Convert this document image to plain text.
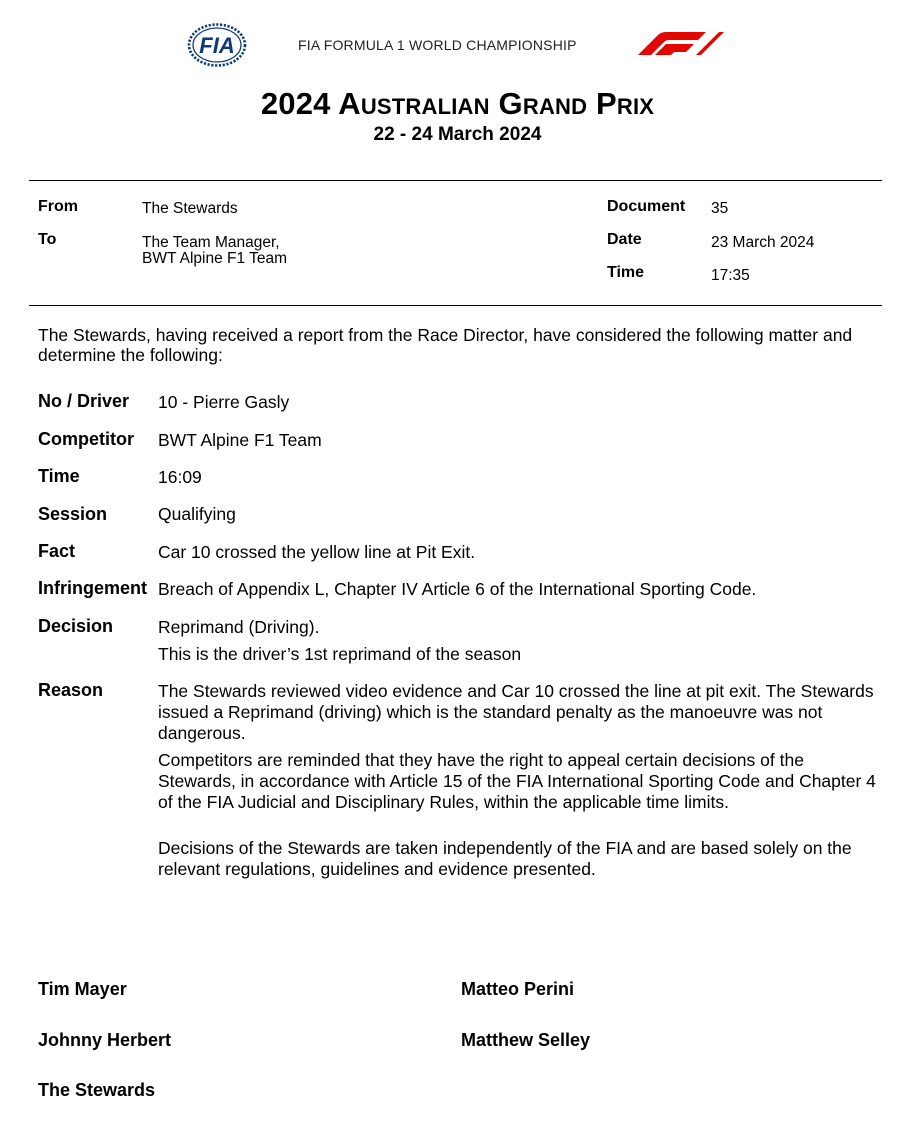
FIA	FIA FORMULA 1 WORLD CHAMPIONSHIP
2024 Australian Grand Prix
22 - 24 March 2024
From	The Stewards
To	The Team Manager,
BWT Alpine F1 Team
Document 35
Date	23 March 2024
Time	17:35
The Stewards, having received a report from the Race Director, have considered the following matter and determine the following:
No / Driver 10 - Pierre Gasly
Competitor BWT Alpine F1 Team
Time	16:09
Session	Qualifying
Fact	Car 10 crossed the yellow line at Pit Exit.
Infringement Breach of Appendix L, Chapter IV Article 6 of the International Sporting Code.
Decision	Reprimand (Driving).
This is the driver’s 1st reprimand of the season
Reason	The Stewards reviewed video evidence and Car 10 crossed the line at pit exit. The Stewards issued a Reprimand (driving) which is the standard penalty as the manoeuvre was not dangerous.

Competitors are reminded that they have the right to appeal certain decisions of the Stewards, in accordance with Article 15 of the FIA International Sporting Code and Chapter 4 of the FIA Judicial and Disciplinary Rules, within the applicable time limits.

Decisions of the Stewards are taken independently of the FIA and are based solely on the relevant regulations, guidelines and evidence presented.

Tim Mayer	Matteo Perini
Johnny Herbert	Matthew Selley
The Stewards
